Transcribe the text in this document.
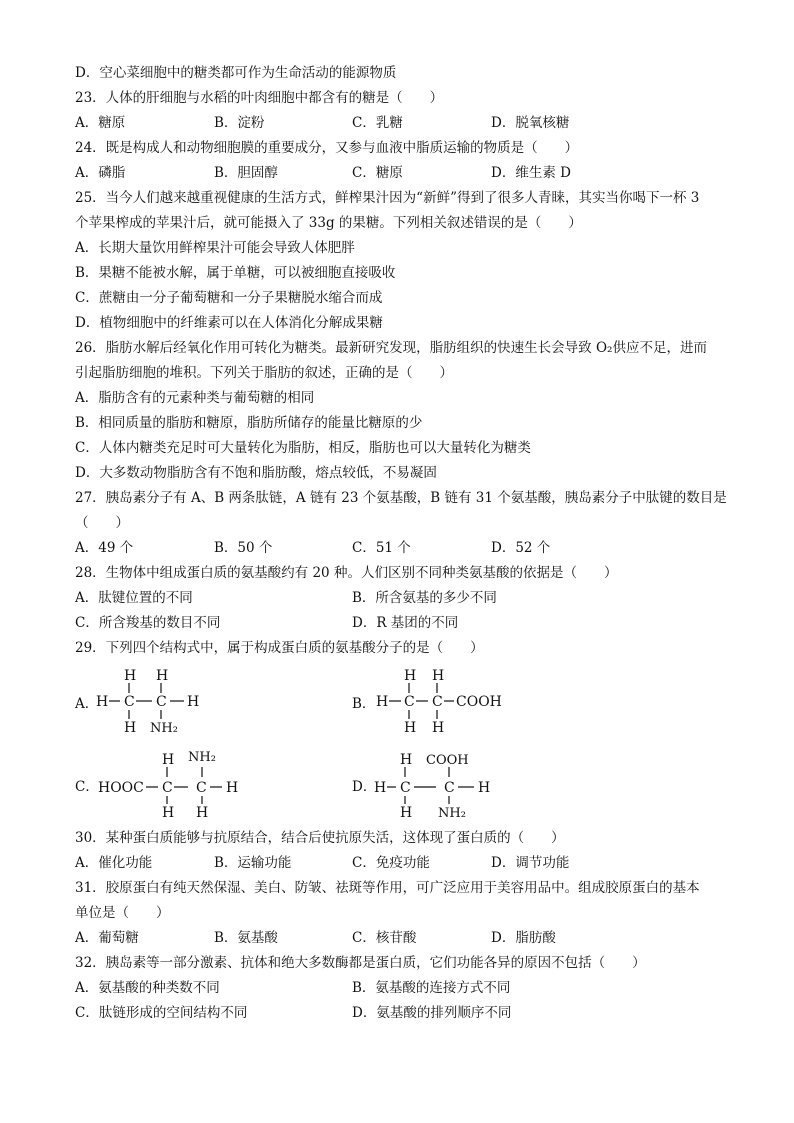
D．空心菜细胞中的糖类都可作为生命活动的能源物质
23．人体的肝细胞与水稻的叶肉细胞中都含有的糖是（　　）
A．糖原	B．淀粉	C．乳糖	D．脱氧核糖
24．既是构成人和动物细胞膜的重要成分，又参与血液中脂质运输的物质是（　　）
A．磷脂	B．胆固醇	C．糖原	D．维生素 D
25．当今人们越来越重视健康的生活方式，鲜榨果汁因为“新鲜”得到了很多人青睐，其实当你喝下一杯 3
个苹果榨成的苹果汁后，就可能摄入了 33g 的果糖。下列相关叙述错误的是（　　）
A．长期大量饮用鲜榨果汁可能会导致人体肥胖
B．果糖不能被水解，属于单糖，可以被细胞直接吸收
C．蔗糖由一分子葡萄糖和一分子果糖脱水缩合而成
D．植物细胞中的纤维素可以在人体消化分解成果糖
26．脂肪水解后经氧化作用可转化为糖类。最新研究发现，脂肪组织的快速生长会导致 O₂供应不足，进而
引起脂肪细胞的堆积。下列关于脂肪的叙述，正确的是（　　）
A．脂肪含有的元素种类与葡萄糖的相同
B．相同质量的脂肪和糖原，脂肪所储存的能量比糖原的少
C．人体内糖类充足时可大量转化为脂肪，相反，脂肪也可以大量转化为糖类
D．大多数动物脂肪含有不饱和脂肪酸，熔点较低，不易凝固
27．胰岛素分子有 A、B 两条肽链，A 链有 23 个氨基酸，B 链有 31 个氨基酸，胰岛素分子中肽键的数目是
（　　）
A．49 个	B．50 个	C．51 个	D．52 个
28．生物体中组成蛋白质的氨基酸约有 20 种。人们区别不同种类氨基酸的依据是（　　）
A．肽键位置的不同	B．所含氨基的多少不同
C．所含羧基的数目不同	D．R 基团的不同
29．下列四个结构式中，属于构成蛋白质的氨基酸分子的是（　　）
A．
H H
H C C H
H NH₂
B．
H H
H C C COOH
H H
C．
H NH₂
HOOC C C H
H H
D．
H COOH
H C C H
H NH₂
30．某种蛋白质能够与抗原结合，结合后使抗原失活，这体现了蛋白质的（　　）
A．催化功能	B．运输功能	C．免疫功能	D．调节功能
31．胶原蛋白有纯天然保湿、美白、防皱、祛斑等作用，可广泛应用于美容用品中。组成胶原蛋白的基本
单位是（　　）
A．葡萄糖	B．氨基酸	C．核苷酸	D．脂肪酸
32．胰岛素等一部分激素、抗体和绝大多数酶都是蛋白质，它们功能各异的原因不包括（　　）
A．氨基酸的种类数不同	B．氨基酸的连接方式不同
C．肽链形成的空间结构不同	D．氨基酸的排列顺序不同
